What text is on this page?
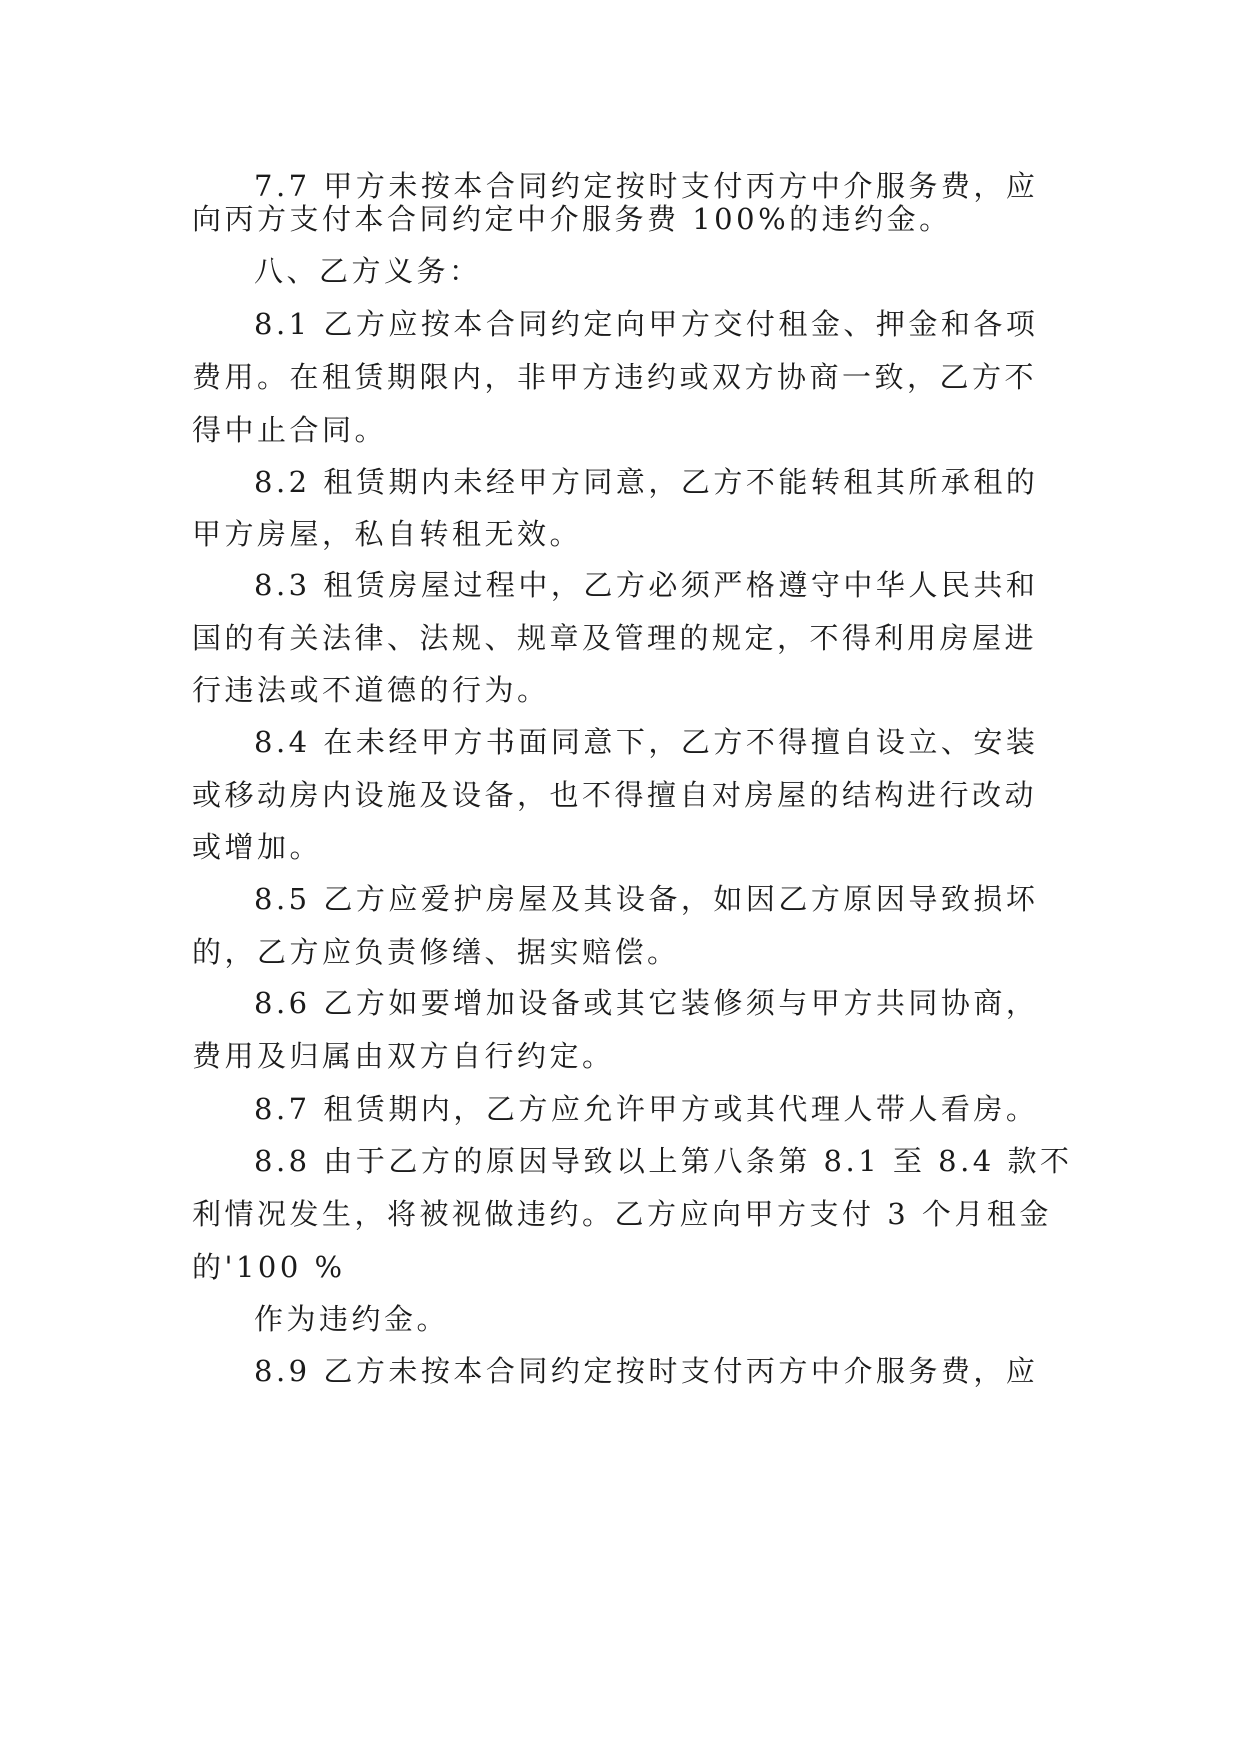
7.7 甲方未按本合同约定按时支付丙方中介服务费，应
向丙方支付本合同约定中介服务费 100%的违约金。
八、乙方义务：
8.1 乙方应按本合同约定向甲方交付租金、押金和各项
费用。在租赁期限内，非甲方违约或双方协商一致，乙方不
得中止合同。
8.2 租赁期内未经甲方同意，乙方不能转租其所承租的
甲方房屋，私自转租无效。
8.3 租赁房屋过程中，乙方必须严格遵守中华人民共和
国的有关法律、法规、规章及管理的规定，不得利用房屋进
行违法或不道德的行为。
8.4 在未经甲方书面同意下，乙方不得擅自设立、安装
或移动房内设施及设备，也不得擅自对房屋的结构进行改动
或增加。
8.5 乙方应爱护房屋及其设备，如因乙方原因导致损坏
的，乙方应负责修缮、据实赔偿。
8.6 乙方如要增加设备或其它装修须与甲方共同协商，
费用及归属由双方自行约定。
8.7 租赁期内，乙方应允许甲方或其代理人带人看房。
8.8 由于乙方的原因导致以上第八条第 8.1 至 8.4 款不
利情况发生，将被视做违约。乙方应向甲方支付 3 个月租金
的'100 %
作为违约金。
8.9 乙方未按本合同约定按时支付丙方中介服务费，应
